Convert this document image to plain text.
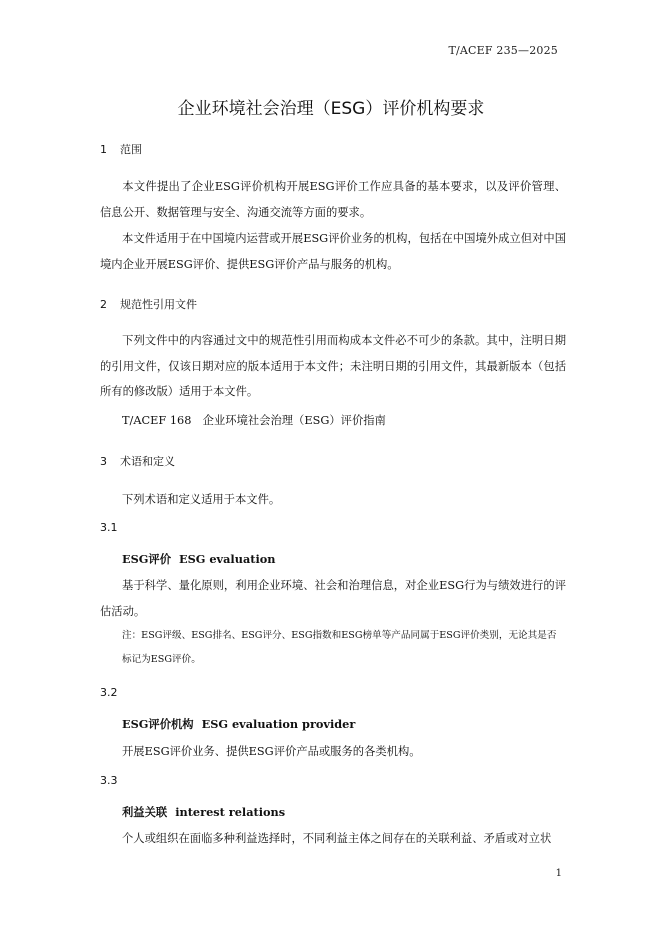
T/ACEF 235—2025
企业环境社会治理（ESG）评价机构要求
1 范围
本文件提出了企业ESG评价机构开展ESG评价工作应具备的基本要求，以及评价管理、信息公开、数据管理与安全、沟通交流等方面的要求。
本文件适用于在中国境内运营或开展ESG评价业务的机构，包括在中国境外成立但对中国境内企业开展ESG评价、提供ESG评价产品与服务的机构。
2 规范性引用文件
下列文件中的内容通过文中的规范性引用而构成本文件必不可少的条款。其中，注明日期的引用文件，仅该日期对应的版本适用于本文件；未注明日期的引用文件，其最新版本（包括所有的修改版）适用于本文件。
T/ACEF 168　企业环境社会治理（ESG）评价指南
3 术语和定义
下列术语和定义适用于本文件。
3.1
ESG评价 ESG evaluation
基于科学、量化原则，利用企业环境、社会和治理信息，对企业ESG行为与绩效进行的评估活动。
注：ESG评级、ESG排名、ESG评分、ESG指数和ESG榜单等产品同属于ESG评价类别，无论其是否标记为ESG评价。
3.2
ESG评价机构 ESG evaluation provider
开展ESG评价业务、提供ESG评价产品或服务的各类机构。
3.3
利益关联 interest relations
个人或组织在面临多种利益选择时，不同利益主体之间存在的关联利益、矛盾或对立状
1
